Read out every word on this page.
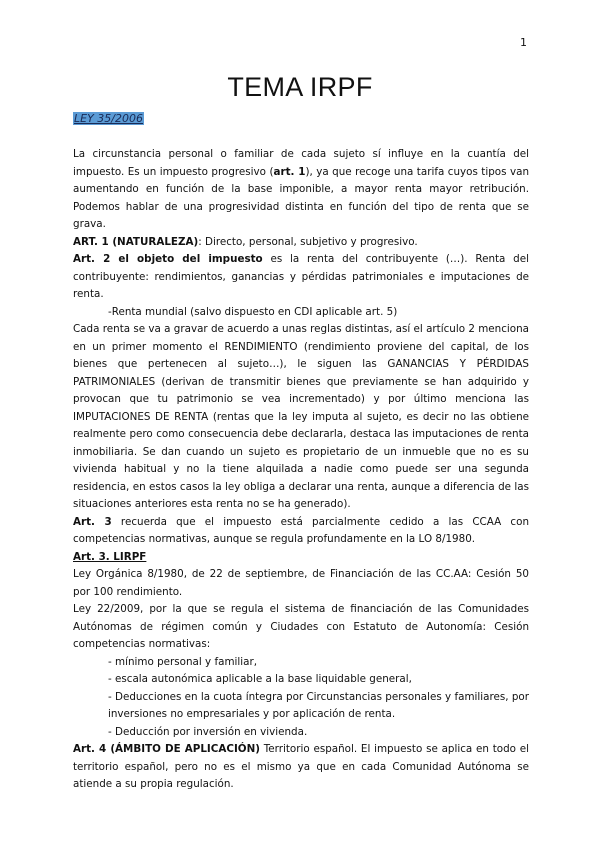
1
TEMA IRPF
LEY 35/2006

La circunstancia personal o familiar de cada sujeto sí influye en la cuantía del impuesto. Es un impuesto progresivo (art. 1), ya que recoge una tarifa cuyos tipos van aumentando en función de la base imponible, a mayor renta mayor retribución. Podemos hablar de una progresividad distinta en función del tipo de renta que se grava.

ART. 1 (NATURALEZA): Directo, personal, subjetivo y progresivo.

Art. 2 el objeto del impuesto es la renta del contribuyente (…). Renta del contribuyente: rendimientos, ganancias y pérdidas patrimoniales e imputaciones de renta.

-Renta mundial (salvo dispuesto en CDI aplicable art. 5)

Cada renta se va a gravar de acuerdo a unas reglas distintas, así el artículo 2 menciona en un primer momento el RENDIMIENTO (rendimiento proviene del capital, de los bienes que pertenecen al sujeto…), le siguen las GANANCIAS Y PÉRDIDAS PATRIMONIALES (derivan de transmitir bienes que previamente se han adquirido y provocan que tu patrimonio se vea incrementado) y por último menciona las IMPUTACIONES DE RENTA (rentas que la ley imputa al sujeto, es decir no las obtiene realmente pero como consecuencia debe declararla, destaca las imputaciones de renta inmobiliaria. Se dan cuando un sujeto es propietario de un inmueble que no es su vivienda habitual y no la tiene alquilada a nadie como puede ser una segunda residencia, en estos casos la ley obliga a declarar una renta, aunque a diferencia de las situaciones anteriores esta renta no se ha generado).

Art. 3 recuerda que el impuesto está parcialmente cedido a las CCAA con competencias normativas, aunque se regula profundamente en la LO 8/1980.

Art. 3. LIRPF

Ley Orgánica 8/1980, de 22 de septiembre, de Financiación de las CC.AA: Cesión 50 por 100 rendimiento.

Ley 22/2009, por la que se regula el sistema de financiación de las Comunidades Autónomas de régimen común y Ciudades con Estatuto de Autonomía: Cesión competencias normativas:

- mínimo personal y familiar,

- escala autonómica aplicable a la base liquidable general,

- Deducciones en la cuota íntegra por Circunstancias personales y familiares, por inversiones no empresariales y por aplicación de renta.

- Deducción por inversión en vivienda.

Art. 4 (ÁMBITO DE APLICACIÓN) Territorio español. El impuesto se aplica en todo el territorio español, pero no es el mismo ya que en cada Comunidad Autónoma se atiende a su propia regulación.
